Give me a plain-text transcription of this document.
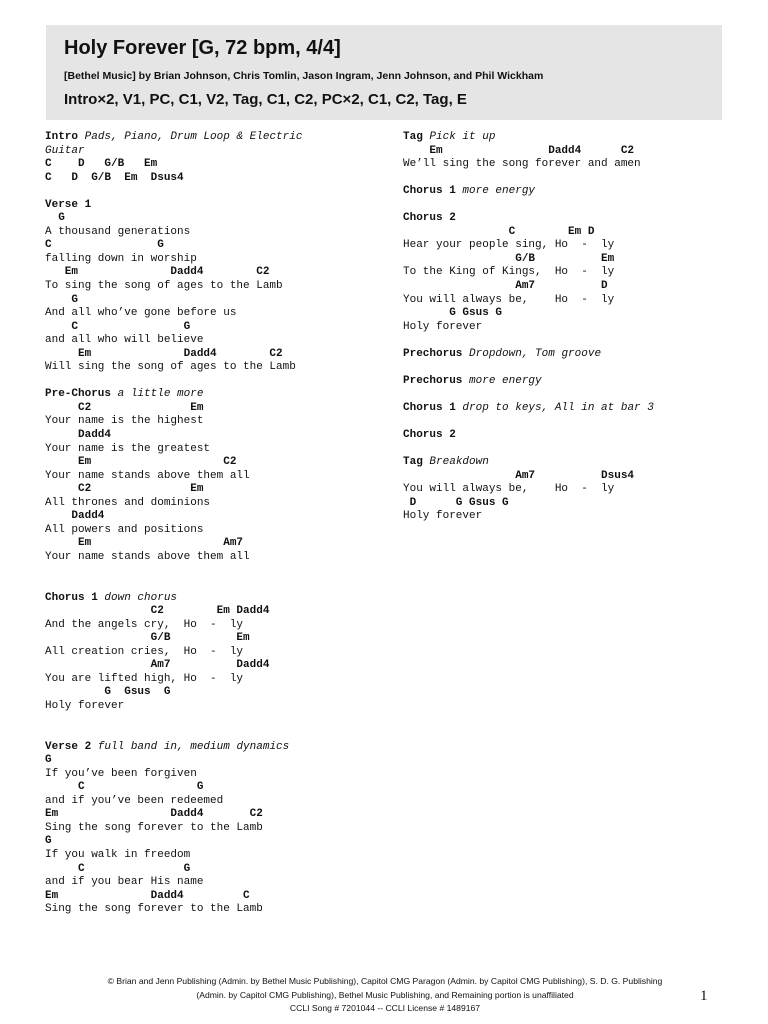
Holy Forever [G, 72 bpm, 4/4]
[Bethel Music] by Brian Johnson, Chris Tomlin, Jason Ingram, Jenn Johnson, and Phil Wickham
Intro×2, V1, PC, C1, V2, Tag, C1, C2, PC×2, C1, C2, Tag, E
Intro Pads, Piano, Drum Loop & Electric
Guitar
C    D   G/B   Em
C   D  G/B  Em  Dsus4
Verse 1
G
A thousand generations
C                G
falling down in worship
Em              Dadd4        C2
To sing the song of ages to the Lamb
G
And all who’ve gone before us
C                G
and all who will believe
Em              Dadd4        C2
Will sing the song of ages to the Lamb
Pre-Chorus a little more
C2               Em
Your name is the highest
Dadd4
Your name is the greatest
Em                    C2
Your name stands above them all
C2               Em
All thrones and dominions
Dadd4
All powers and positions
Em                    Am7
Your name stands above them all
Chorus 1 down chorus
C2        Em Dadd4
And the angels cry,  Ho  -  ly
G/B          Em
All creation cries,  Ho  -  ly
Am7          Dadd4
You are lifted high, Ho  -  ly
G  Gsus  G
Holy forever
Verse 2 full band in, medium dynamics
G
If you’ve been forgiven
C                 G
and if you’ve been redeemed
Em                 Dadd4       C2
Sing the song forever to the Lamb
G
If you walk in freedom
C               G
and if you bear His name
Em              Dadd4         C
Sing the song forever to the Lamb
Tag Pick it up
Em                Dadd4      C2
We’ll sing the song forever and amen
Chorus 1 more energy
Chorus 2
C        Em D
Hear your people sing, Ho  -  ly
G/B          Em
To the King of Kings,  Ho  -  ly
Am7          D
You will always be,    Ho  -  ly
G Gsus G
Holy forever
Prechorus Dropdown, Tom groove
Prechorus more energy
Chorus 1 drop to keys, All in at bar 3
Chorus 2
Tag Breakdown
Am7          Dsus4
You will always be,    Ho  -  ly
D      G Gsus G
Holy forever
© Brian and Jenn Publishing (Admin. by Bethel Music Publishing), Capitol CMG Paragon (Admin. by Capitol CMG Publishing), S. D. G. Publishing
(Admin. by Capitol CMG Publishing), Bethel Music Publishing, and Remaining portion is unaffiliated
CCLI Song # 7201044 -- CCLI License # 1489167
1
